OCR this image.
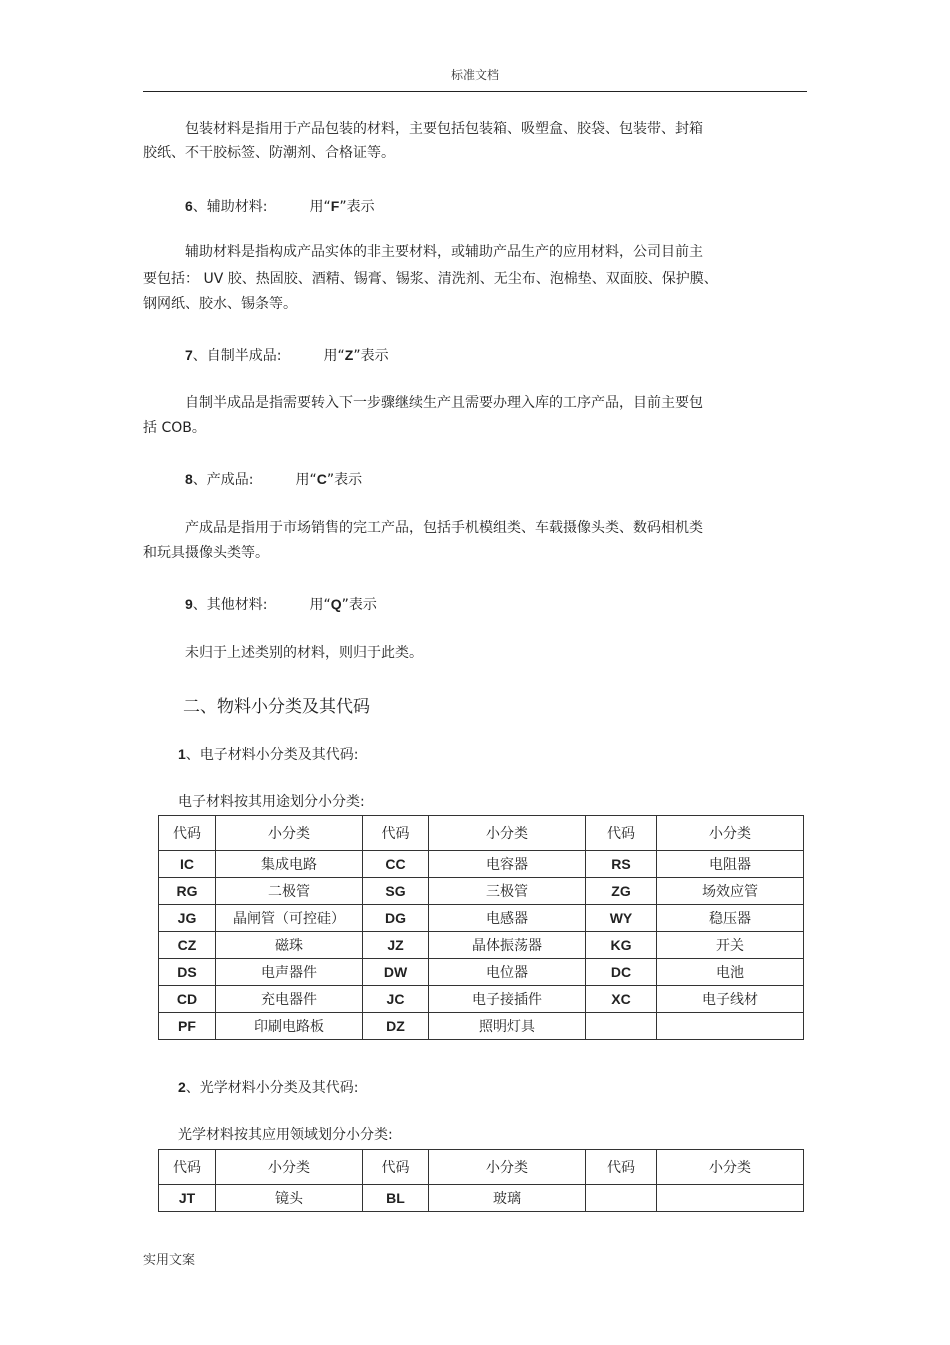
标准文档
包装材料是指用于产品包装的材料，主要包括包装箱、吸塑盒、胶袋、包装带、封箱
胶纸、不干胶标签、防潮剂、合格证等。
6、辅助材料:	用“F”表示
辅助材料是指构成产品实体的非主要材料，或辅助产品生产的应用材料，公司目前主
要包括： UV 胶、热固胶、酒精、锡膏、锡浆、清洗剂、无尘布、泡棉垫、双面胶、保护膜、
钢网纸、胶水、锡条等。
7、自制半成品:	用“Z”表示
自制半成品是指需要转入下一步骤继续生产且需要办理入库的工序产品，目前主要包
括 COB。
8、产成品:	用“C”表示
产成品是指用于市场销售的完工产品，包括手机模组类、车载摄像头类、数码相机类
和玩具摄像头类等。
9、其他材料:	用“Q”表示
未归于上述类别的材料，则归于此类。
二、物料小分类及其代码
1、电子材料小分类及其代码:
电子材料按其用途划分小分类:
代码	小分类	代码	小分类	代码	小分类
IC	集成电路	CC	电容器	RS	电阻器
RG	二极管	SG	三极管	ZG	场效应管
JG	晶闸管（可控硅）	DG	电感器	WY	稳压器
CZ	磁珠	JZ	晶体振荡器	KG	开关
DS	电声器件	DW	电位器	DC	电池
CD	充电器件	JC	电子接插件	XC	电子线材
PF	印刷电路板	DZ	照明灯具		
2、光学材料小分类及其代码:
光学材料按其应用领域划分小分类:
代码	小分类	代码	小分类	代码	小分类
JT	镜头	BL	玻璃		
实用文案
